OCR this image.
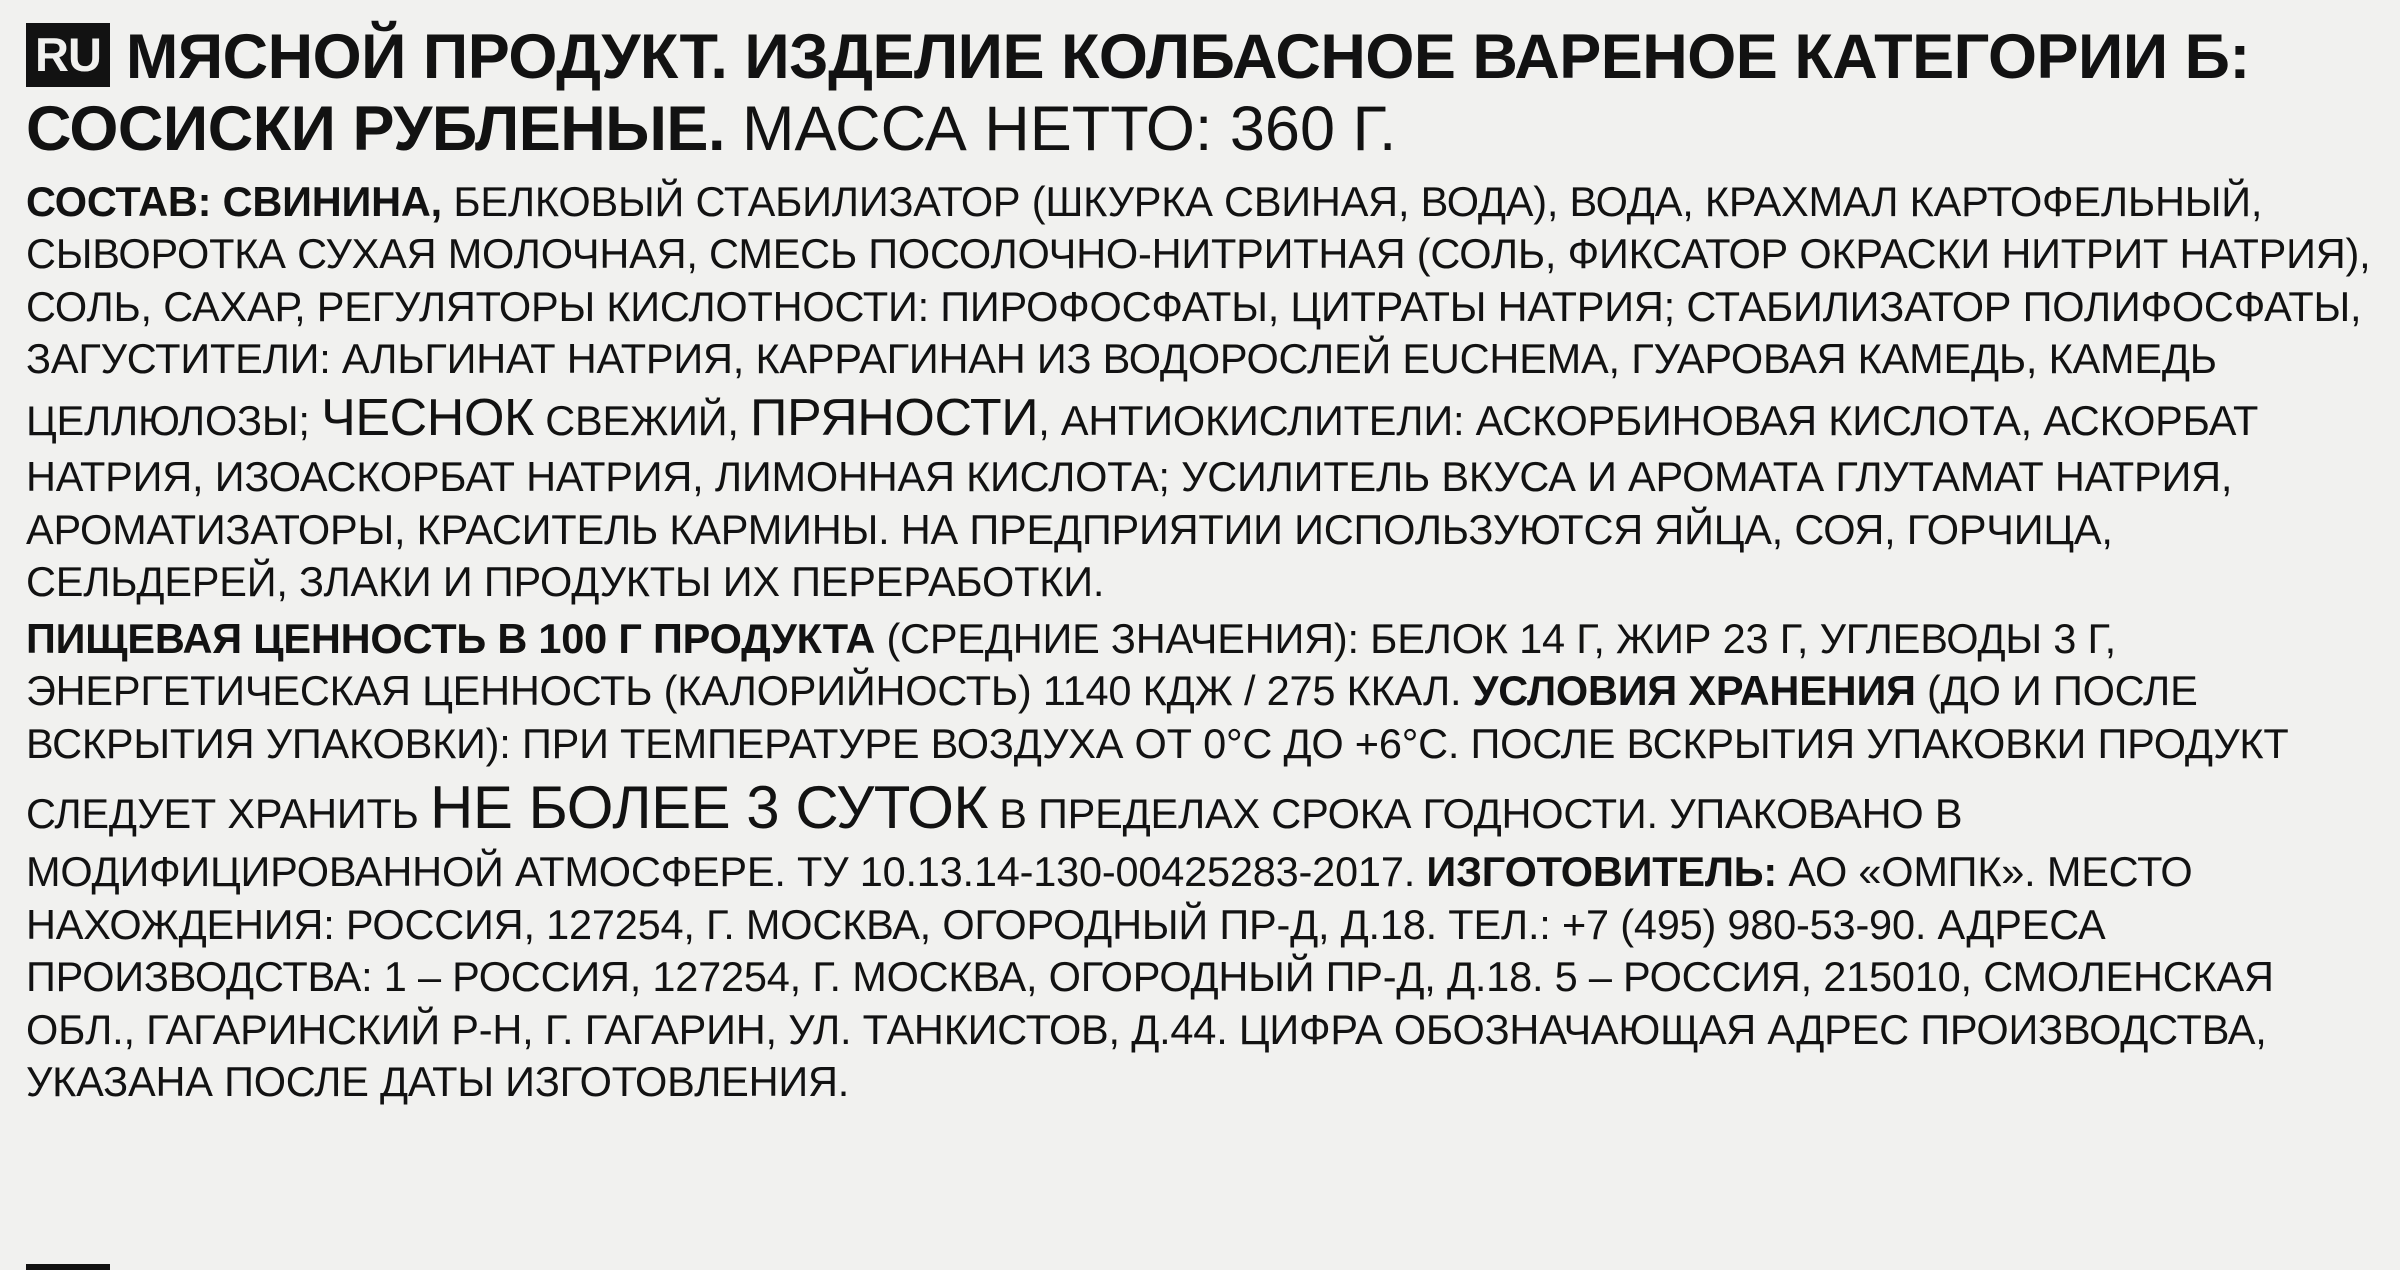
RU МЯСНОЙ ПРОДУКТ. ИЗДЕЛИЕ КОЛБАСНОЕ ВАРЕНОЕ КАТЕГОРИИ Б: СОСИСКИ РУБЛЕНЫЕ. МАССА НЕТТО: 360 Г.

СОСТАВ: СВИНИНА, БЕЛКОВЫЙ СТАБИЛИЗАТОР (ШКУРКА СВИНАЯ, ВОДА), ВОДА, КРАХМАЛ КАРТОФЕЛЬНЫЙ, СЫВОРОТКА СУХАЯ МОЛОЧНАЯ, СМЕСЬ ПОСОЛОЧНО-НИТРИТНАЯ (СОЛЬ, ФИКСАТОР ОКРАСКИ НИТРИТ НАТРИЯ), СОЛЬ, САХАР, РЕГУЛЯТОРЫ КИСЛОТНОСТИ: ПИРОФОСФАТЫ, ЦИТРАТЫ НАТРИЯ; СТАБИЛИЗАТОР ПОЛИФОСФАТЫ, ЗАГУСТИТЕЛИ: АЛЬГИНАТ НАТРИЯ, КАРРАГИНАН ИЗ ВОДОРОСЛЕЙ EUCHEMA, ГУАРОВАЯ КАМЕДЬ, КАМЕДЬ ЦЕЛЛЮЛОЗЫ; ЧЕСНОК СВЕЖИЙ, ПРЯНОСТИ, АНТИОКИСЛИТЕЛИ: АСКОРБИНОВАЯ КИСЛОТА, АСКОРБАТ НАТРИЯ, ИЗОАСКОРБАТ НАТРИЯ, ЛИМОННАЯ КИСЛОТА; УСИЛИТЕЛЬ ВКУСА И АРОМАТА ГЛУТАМАТ НАТРИЯ, АРОМАТИЗАТОРЫ, КРАСИТЕЛЬ КАРМИНЫ. НА ПРЕДПРИЯТИИ ИСПОЛЬЗУЮТСЯ ЯЙЦА, СОЯ, ГОРЧИЦА, СЕЛЬДЕРЕЙ, ЗЛАКИ И ПРОДУКТЫ ИХ ПЕРЕРАБОТКИ.

ПИЩЕВАЯ ЦЕННОСТЬ В 100 Г ПРОДУКТА (СРЕДНИЕ ЗНАЧЕНИЯ): БЕЛОК 14 Г, ЖИР 23 Г, УГЛЕВОДЫ 3 Г, ЭНЕРГЕТИЧЕСКАЯ ЦЕННОСТЬ (КАЛОРИЙНОСТЬ) 1140 КДЖ / 275 ККАЛ. УСЛОВИЯ ХРАНЕНИЯ (ДО И ПОСЛЕ ВСКРЫТИЯ УПАКОВКИ): ПРИ ТЕМПЕРАТУРЕ ВОЗДУХА ОТ 0°С ДО +6°С. ПОСЛЕ ВСКРЫТИЯ УПАКОВКИ ПРОДУКТ СЛЕДУЕТ ХРАНИТЬ НЕ БОЛЕЕ 3 СУТОК В ПРЕДЕЛАХ СРОКА ГОДНОСТИ. УПАКОВАНО В МОДИФИЦИРОВАННОЙ АТМОСФЕРЕ. ТУ 10.13.14-130-00425283-2017. ИЗГОТОВИТЕЛЬ: АО «ОМПК». МЕСТО НАХОЖДЕНИЯ: РОССИЯ, 127254, Г. МОСКВА, ОГОРОДНЫЙ ПР-Д, Д.18. ТЕЛ.: +7 (495) 980-53-90. АДРЕСА ПРОИЗВОДСТВА: 1 – РОССИЯ, 127254, Г. МОСКВА, ОГОРОДНЫЙ ПР-Д, Д.18. 5 – РОССИЯ, 215010, СМОЛЕНСКАЯ ОБЛ., ГАГАРИНСКИЙ Р-Н, Г. ГАГАРИН, УЛ. ТАНКИСТОВ, Д.44. ЦИФРА ОБОЗНАЧАЮЩАЯ АДРЕС ПРОИЗВОДСТВА, УКАЗАНА ПОСЛЕ ДАТЫ ИЗГОТОВЛЕНИЯ.
